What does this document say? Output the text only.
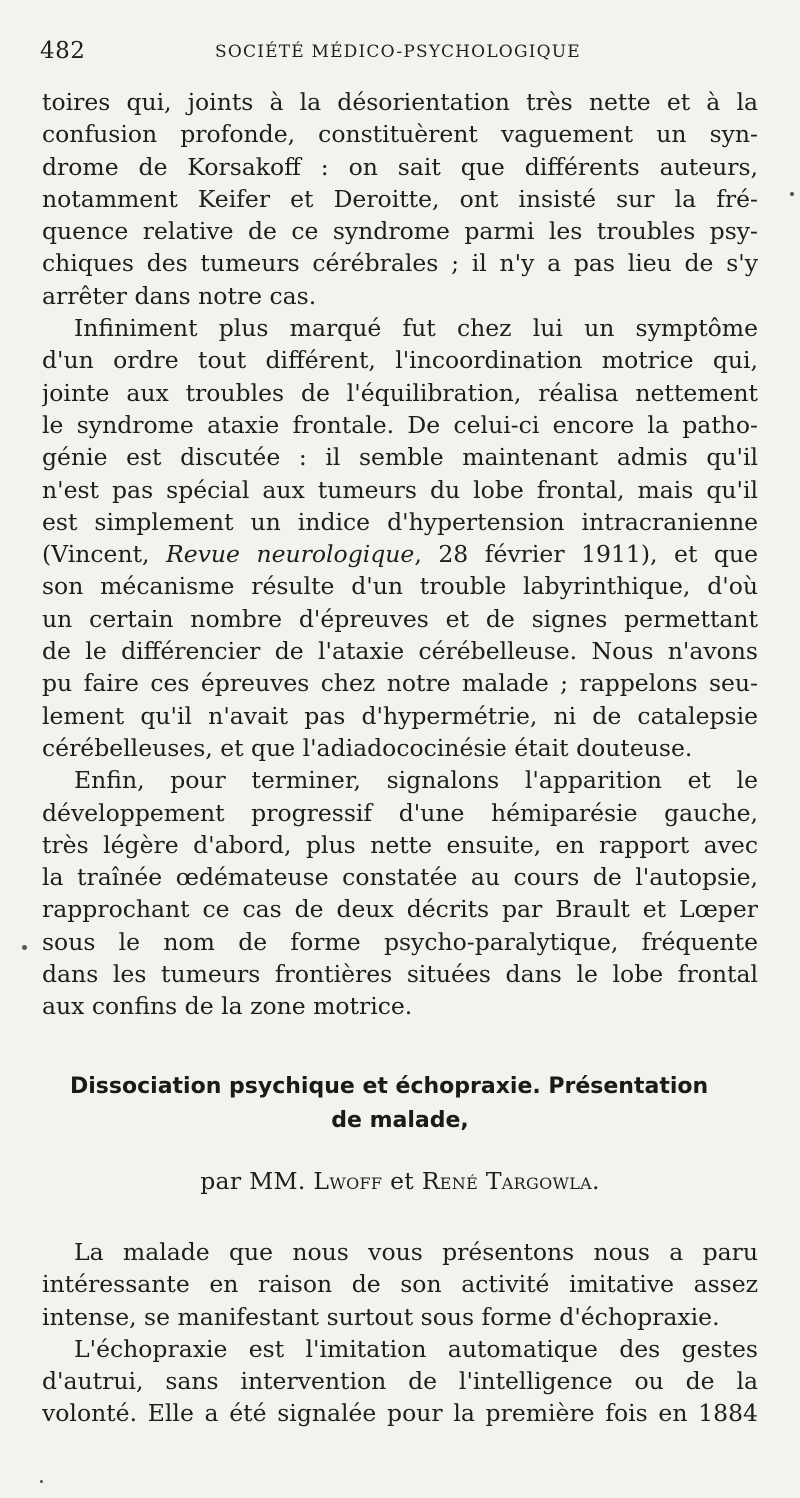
482	SOCIÉTÉ MÉDICO-PSYCHOLOGIQUE
toires qui, joints à la désorientation très nette et à la
confusion profonde, constituèrent vaguement un syn-
drome de Korsakoff : on sait que différents auteurs,
notamment Keifer et Deroitte, ont insisté sur la fré-
quence relative de ce syndrome parmi les troubles psy-
chiques des tumeurs cérébrales ; il n'y a pas lieu de s'y
arrêter dans notre cas.
Infiniment plus marqué fut chez lui un symptôme
d'un ordre tout différent, l'incoordination motrice qui,
jointe aux troubles de l'équilibration, réalisa nettement
le syndrome ataxie frontale. De celui-ci encore la patho-
génie est discutée : il semble maintenant admis qu'il
n'est pas spécial aux tumeurs du lobe frontal, mais qu'il
est simplement un indice d'hypertension intracranienne
(Vincent, Revue neurologique, 28 février 1911), et que
son mécanisme résulte d'un trouble labyrinthique, d'où
un certain nombre d'épreuves et de signes permettant
de le différencier de l'ataxie cérébelleuse. Nous n'avons
pu faire ces épreuves chez notre malade ; rappelons seu-
lement qu'il n'avait pas d'hypermétrie, ni de catalepsie
cérébelleuses, et que l'adiadococinésie était douteuse.
Enfin, pour terminer, signalons l'apparition et le
développement progressif d'une hémiparésie gauche,
très légère d'abord, plus nette ensuite, en rapport avec
la traînée œdémateuse constatée au cours de l'autopsie,
rapprochant ce cas de deux décrits par Brault et Lœper
sous le nom de forme psycho-paralytique, fréquente
dans les tumeurs frontières situées dans le lobe frontal
aux confins de la zone motrice.
Dissociation psychique et échopraxie. Présentation
de malade,
par MM. Lwoff et René Targowla.
La malade que nous vous présentons nous a paru
intéressante en raison de son activité imitative assez
intense, se manifestant surtout sous forme d'échopraxie.
L'échopraxie est l'imitation automatique des gestes
d'autrui, sans intervention de l'intelligence ou de la
volonté. Elle a été signalée pour la première fois en 1884
